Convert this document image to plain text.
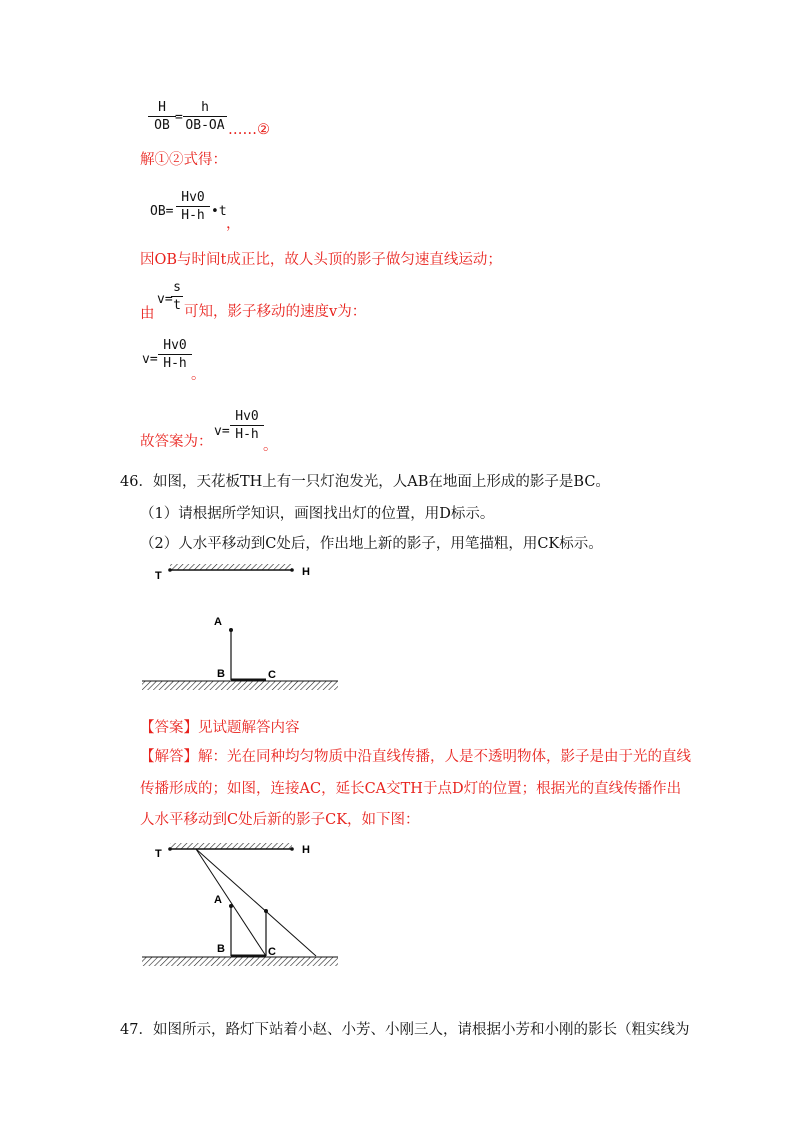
H
OB
=
h
OB-OA ……②
解①②式得：
OB=
Hv0
H-h •t
，
因OB与时间t成正比，故人头顶的影子做匀速直线运动；
由
v=
s
t 可知，影子移动的速度v为：
v=
Hv0
H-h
。
故答案为：
v=
Hv0
H-h
。
46．如图，天花板TH上有一只灯泡发光，人AB在地面上形成的影子是BC。
（1）请根据所学知识，画图找出灯的位置，用D标示。
（2）人水平移动到C处后，作出地上新的影子，用笔描粗，用CK标示。
T	H
A
B	C
T	H
A
B	C
【答案】见试题解答内容
【解答】解：光在同种均匀物质中沿直线传播，人是不透明物体，影子是由于光的直线
传播形成的；如图，连接AC，延长CA交TH于点D灯的位置；根据光的直线传播作出
人水平移动到C处后新的影子CK，如下图：
47．如图所示，路灯下站着小赵、小芳、小刚三人，请根据小芳和小刚的影长（粗实线为
